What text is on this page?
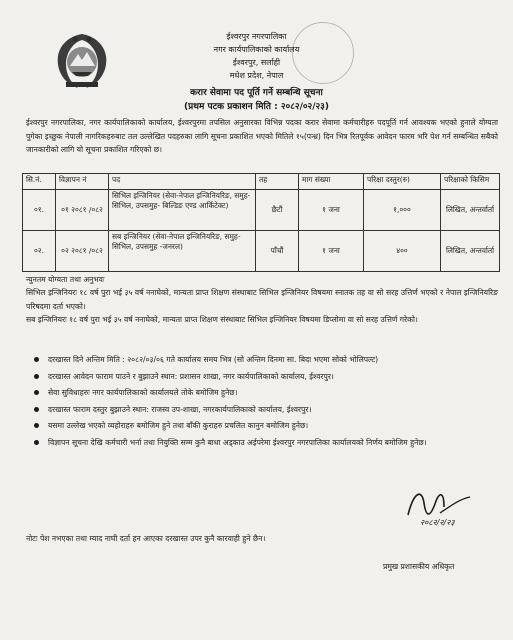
ईश्वरपुर नगरपालिका
नगर कार्यपालिकाको कार्यालय
ईश्वरपुर, सर्लाही
मधेश प्रदेश, नेपाल
करार सेवामा पद पूर्ति गर्ने सम्बन्धि सूचना
(प्रथम पटक प्रकाशन मिति : २०८२/०२/२३)
ईश्वरपुर नगरपालिका, नगर कार्यपालिकाको कार्यालय, ईश्वरपुरमा तपसिल अनुसारका विभिन्न पदका करार सेवामा कर्मचारीहरु पदपूर्ति गर्न आवश्यक भएको हुनाले योग्यता पुगेका इच्छुक नेपाली नागरिकहरुबाट तल उल्लेखित पदहरुका लागि सूचना प्रकाशित भएको मितिले १५(पन्ध्र) दिन भित्र रितपूर्वक आवेदन फारम भरि पेश गर्न सम्बन्धित सबैको जानकारीको लागि यो सूचना प्रकाशित गरिएको छ।
सि.नं.	विज्ञापन नं	पद	तह	माग संख्या	परिक्षा दस्तुर(रु)	परिक्षाको किसिम
०१.	०१ २०८१ /०८२	सिभिल इन्जिनियर (सेवा-नेपाल इन्जिनियरिङ, समुह- सिभिल, उपसमुह- बिल्डिङ एण्ड आर्किटेक्ट)	छैटौं	१ जना	१,०००	लिखित, अन्तर्वार्ता
०२.	०२ २०८१ /०८२	सब इन्जिनियर (सेवा-नेपाल इन्जिनियरिङ, समुह- सिभिल, उपसमुह -जनरल)	पाँचौं	१ जना	४००	लिखित, अन्तर्वार्ता
न्युनतम योग्यता तथा अनुभवः
सिभिल इन्जिनियरः १८ वर्ष पुरा भई ३५ वर्ष ननाघेको, मान्यता प्राप्त शिक्षण संस्थाबाट सिभिल इन्जिनियर विषयमा स्नातक तह वा सो सरह उत्तिर्ण भएको र नेपाल इन्जिनियरिङ परिषदमा दर्ता भएको।
सब इन्जिनियरः १८ वर्ष पुरा भई ३५ वर्ष ननाघेको, मान्यता प्राप्त शिक्षण संस्थाबाट सिभिल इन्जिनियर विषयमा डिप्लोमा वा सो सरह उत्तिर्ण गरेको।
दरखास्त दिने अन्तिम मिति : २०८२/०३/०६ गते कार्यालय समय भित्र (सो अन्तिम दिनमा सा. बिदा भएमा सोको भोलिपल्ट)
दरखास्त आवेदन फाराम पाउने र बुझाउने स्थान: प्रशासन शाखा, नगर कार्यपालिकाको कार्यालय, ईश्वरपुर।
सेवा सुविधाहरुः नगर कार्यपालिकाको कार्यालयले तोके बमोजिम हुनेछ।
दरखास्त फाराम दस्तुर बुझाउने स्थान: राजस्व उप-शाखा, नगरकार्यपालिकाको कार्यालय, ईश्वरपुर।
यसमा उल्लेख भएको व्यहोराहरु बमोजिम हुने तथा बाँकी कुराहरु प्रचलित कानुन बमोजिम हुनेछ।
विज्ञापन सूचना देखि कर्मचारी भर्ना तथा नियुक्ति सम्म कुनै बाधा अड्काउ अईपरेमा ईश्वरपुर नगरपालिका कार्यालयको निर्णय बमोजिम हुनेछ।
नोटः पेश नभएका तथा म्याद नाघी दर्ता हन आएका दरखास्त उपर कुनै कारवाही हुने छैन।
२०८२/२/२३
प्रमुख प्रशासकीय अधिकृत
